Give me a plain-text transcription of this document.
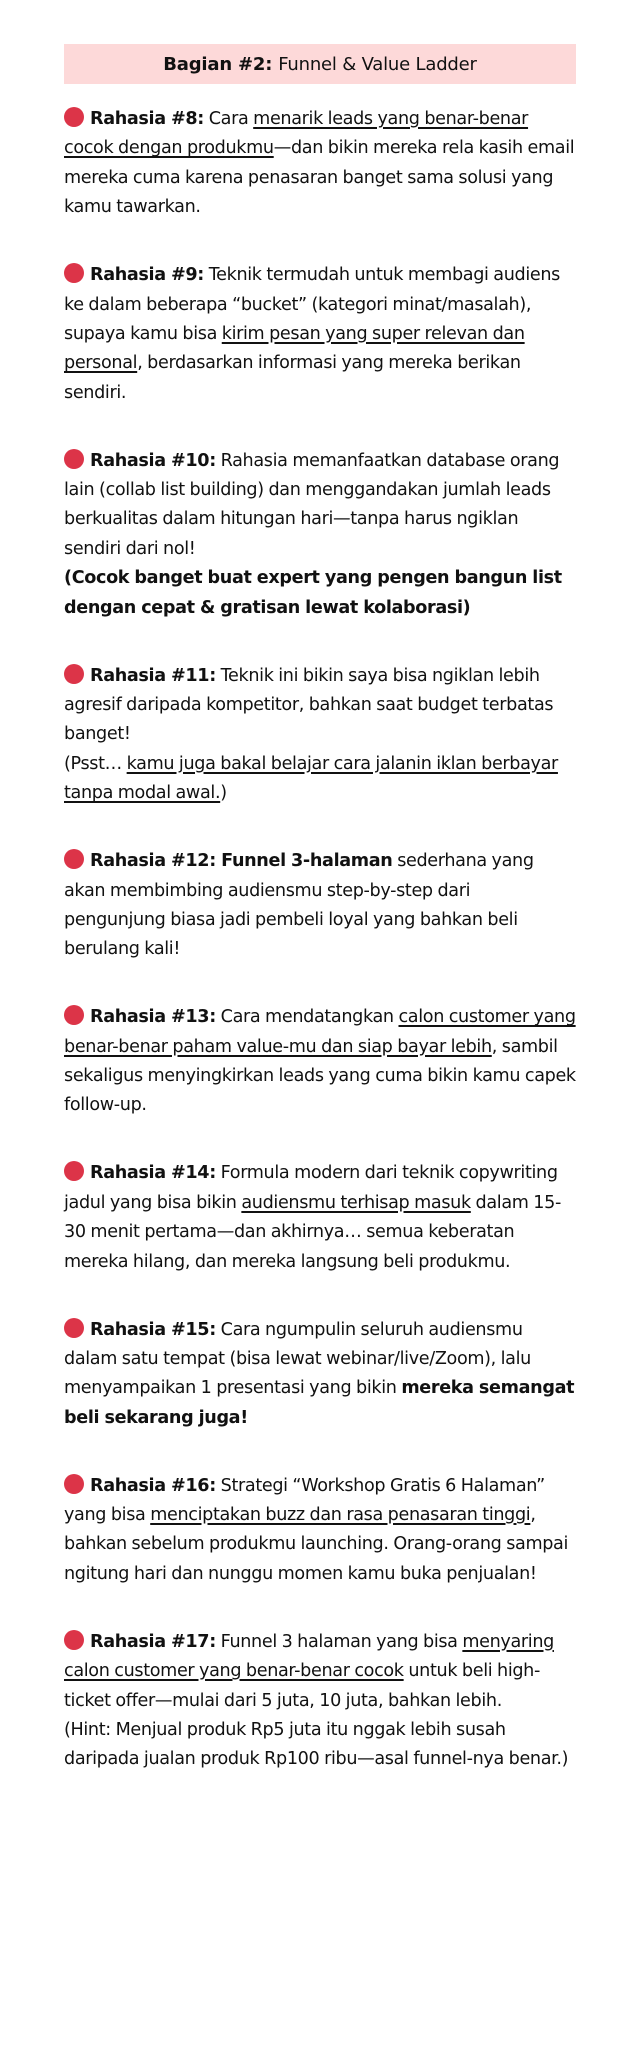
Bagian #2: Funnel & Value Ladder

Rahasia #8: Cara menarik leads yang benar-benar cocok dengan produkmu—dan bikin mereka rela kasih email mereka cuma karena penasaran banget sama solusi yang kamu tawarkan.

Rahasia #9: Teknik termudah untuk membagi audiens ke dalam beberapa “bucket” (kategori minat/masalah), supaya kamu bisa kirim pesan yang super relevan dan personal, berdasarkan informasi yang mereka berikan sendiri.

Rahasia #10: Rahasia memanfaatkan database orang lain (collab list building) dan menggandakan jumlah leads berkualitas dalam hitungan hari—tanpa harus ngiklan sendiri dari nol!
(Cocok banget buat expert yang pengen bangun list dengan cepat & gratisan lewat kolaborasi)

Rahasia #11: Teknik ini bikin saya bisa ngiklan lebih agresif daripada kompetitor, bahkan saat budget terbatas banget!
(Psst… kamu juga bakal belajar cara jalanin iklan berbayar tanpa modal awal.)

Rahasia #12: Funnel 3-halaman sederhana yang akan membimbing audiensmu step-by-step dari pengunjung biasa jadi pembeli loyal yang bahkan beli berulang kali!

Rahasia #13: Cara mendatangkan calon customer yang benar-benar paham value-mu dan siap bayar lebih, sambil sekaligus menyingkirkan leads yang cuma bikin kamu capek follow-up.

Rahasia #14: Formula modern dari teknik copywriting jadul yang bisa bikin audiensmu terhisap masuk dalam 15-30 menit pertama—dan akhirnya… semua keberatan mereka hilang, dan mereka langsung beli produkmu.

Rahasia #15: Cara ngumpulin seluruh audiensmu dalam satu tempat (bisa lewat webinar/live/Zoom), lalu menyampaikan 1 presentasi yang bikin mereka semangat beli sekarang juga!

Rahasia #16: Strategi “Workshop Gratis 6 Halaman” yang bisa menciptakan buzz dan rasa penasaran tinggi, bahkan sebelum produkmu launching. Orang-orang sampai ngitung hari dan nunggu momen kamu buka penjualan!

Rahasia #17: Funnel 3 halaman yang bisa menyaring calon customer yang benar-benar cocok untuk beli high-ticket offer—mulai dari 5 juta, 10 juta, bahkan lebih.
(Hint: Menjual produk Rp5 juta itu nggak lebih susah daripada jualan produk Rp100 ribu—asal funnel-nya benar.)
